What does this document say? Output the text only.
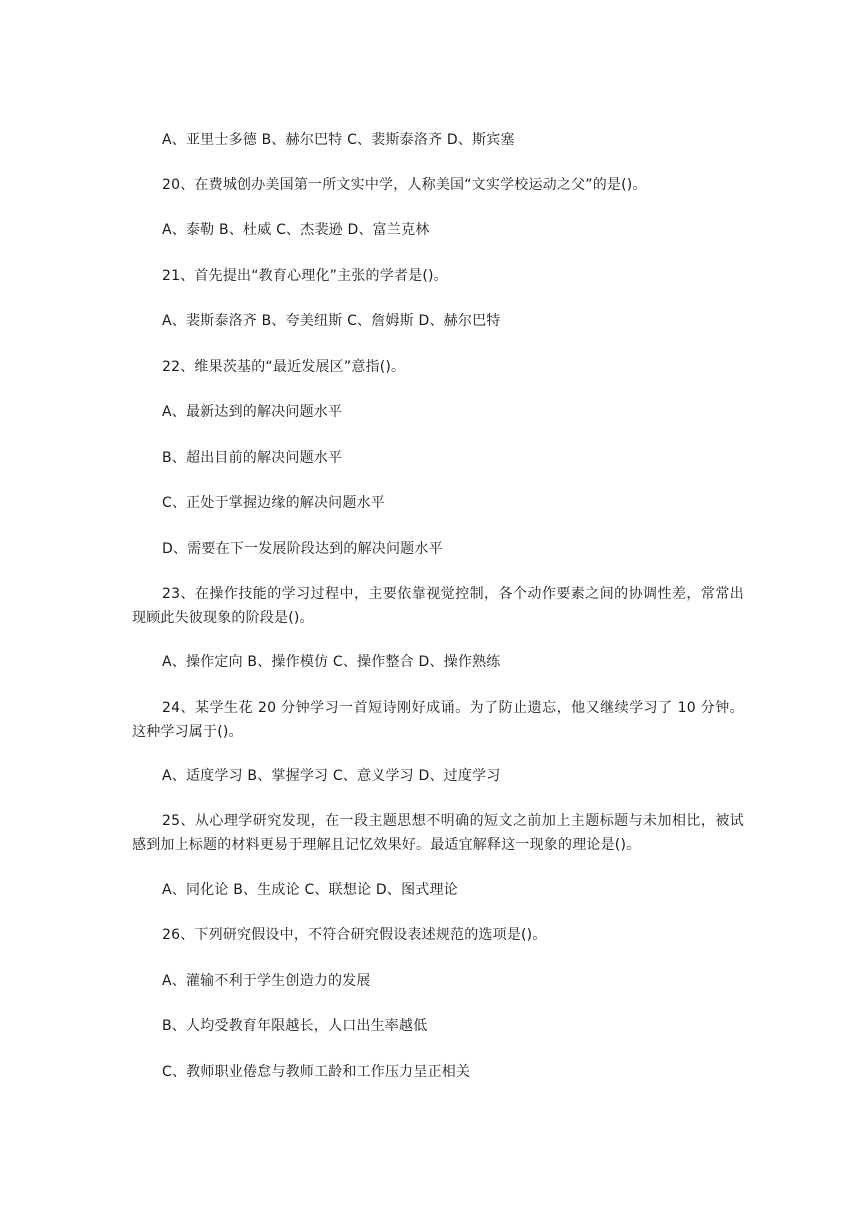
A、亚里士多德 B、赫尔巴特 C、裴斯泰洛齐 D、斯宾塞
20、在费城创办美国第一所文实中学，人称美国“文实学校运动之父”的是()。
A、泰勒 B、杜威 C、杰裴逊 D、富兰克林
21、首先提出“教育心理化”主张的学者是()。
A、裴斯泰洛齐 B、夸美纽斯 C、詹姆斯 D、赫尔巴特
22、维果茨基的“最近发展区”意指()。
A、最新达到的解决问题水平
B、超出目前的解决问题水平
C、正处于掌握边缘的解决问题水平
D、需要在下一发展阶段达到的解决问题水平
23、在操作技能的学习过程中，主要依靠视觉控制，各个动作要素之间的协调性差，常常出现顾此失彼现象的阶段是()。
A、操作定向 B、操作模仿 C、操作整合 D、操作熟练
24、某学生花 20 分钟学习一首短诗刚好成诵。为了防止遗忘，他又继续学习了 10 分钟。这种学习属于()。
A、适度学习 B、掌握学习 C、意义学习 D、过度学习
25、从心理学研究发现，在一段主题思想不明确的短文之前加上主题标题与未加相比，被试感到加上标题的材料更易于理解且记忆效果好。最适宜解释这一现象的理论是()。
A、同化论 B、生成论 C、联想论 D、图式理论
26、下列研究假设中，不符合研究假设表述规范的选项是()。
A、灌输不利于学生创造力的发展
B、人均受教育年限越长，人口出生率越低
C、教师职业倦怠与教师工龄和工作压力呈正相关
